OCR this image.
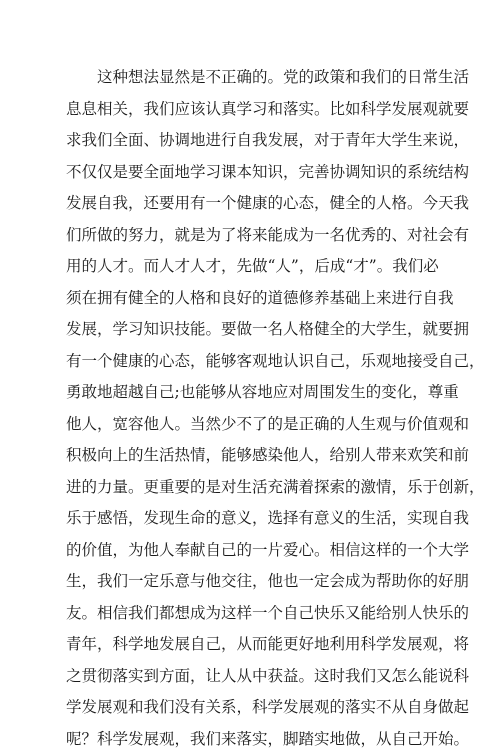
这种想法显然是不正确的。党的政策和我们的日常生活
息息相关，我们应该认真学习和落实。比如科学发展观就要
求我们全面、协调地进行自我发展，对于青年大学生来说，
不仅仅是要全面地学习课本知识，完善协调知识的系统结构
发展自我，还要用有一个健康的心态，健全的人格。今天我
们所做的努力，就是为了将来能成为一名优秀的、对社会有
用的人才。而人才人才，先做“人”，后成“才”。我们必
须在拥有健全的人格和良好的道德修养基础上来进行自我
发展，学习知识技能。要做一名人格健全的大学生，就要拥
有一个健康的心态，能够客观地认识自己，乐观地接受自己，
勇敢地超越自己;也能够从容地应对周围发生的变化，尊重
他人，宽容他人。当然少不了的是正确的人生观与价值观和
积极向上的生活热情，能够感染他人，给别人带来欢笑和前
进的力量。更重要的是对生活充满着探索的激情，乐于创新，
乐于感悟，发现生命的意义，选择有意义的生活，实现自我
的价值，为他人奉献自己的一片爱心。相信这样的一个大学
生，我们一定乐意与他交往，他也一定会成为帮助你的好朋
友。相信我们都想成为这样一个自己快乐又能给别人快乐的
青年，科学地发展自己，从而能更好地利用科学发展观，将
之贯彻落实到方面，让人从中获益。这时我们又怎么能说科
学发展观和我们没有关系，科学发展观的落实不从自身做起
呢？科学发展观，我们来落实，脚踏实地做，从自己开始。
